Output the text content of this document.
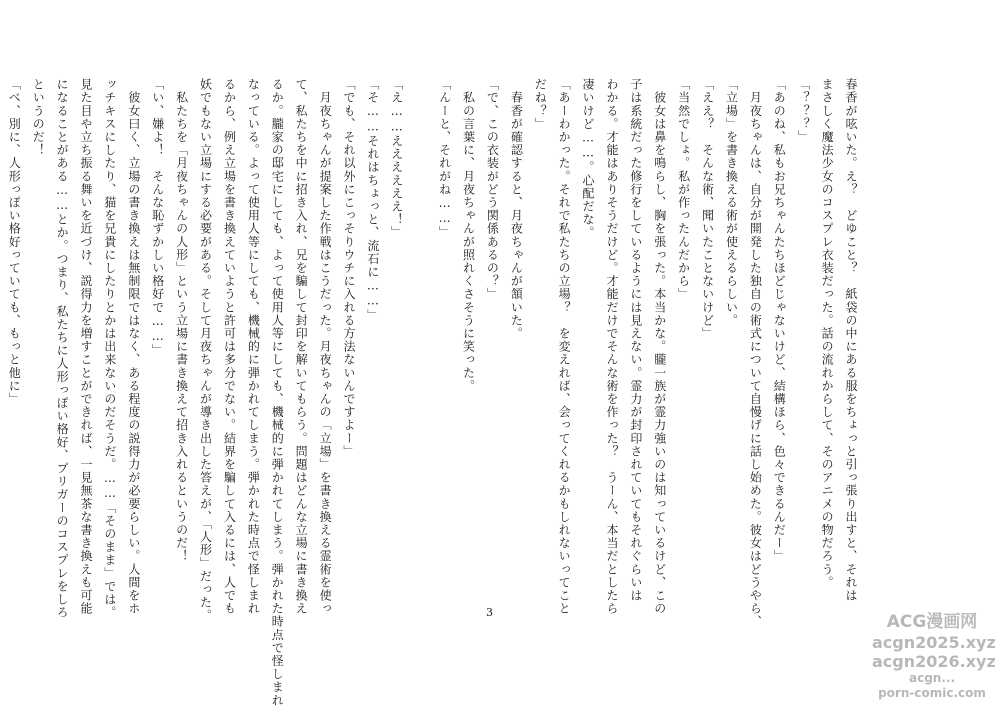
春香が呟いた。え？　どゆこと？　紙袋の中にある服をちょっと引っ張り出すと、それは
まさしく魔法少女のコスプレ衣装だった。話の流れからして、そのアニメの物だろう。
「？？？」
「あのね、私もお兄ちゃんたちほどじゃないけど、結構ほら、色々できるんだー」
　月夜ちゃんは、自分が開発した独自の術式について自慢げに話し始めた。彼女はどうやら、
「立場」を書き換える術が使えるらしい。
「ええ？　そんな術、聞いたことないけど」
「当然でしょ。私が作ったんだから」
　彼女は鼻を鳴らし、胸を張った。本当かな。朧一族が霊力強いのは知っているけど、この
子は系統だった修行をしているようには見えない。霊力が封印されていてもそれぐらいは
わかる。才能はありそうだけど。才能だけでそんな術を作った？　うーん、本当だとしたら
凄いけど……。心配だな。
「あーわかった。それで私たちの立場？　を変えれば、会ってくれるかもしれないってこと
だね？」
　春香が確認すると、月夜ちゃんが頷いた。
「で、この衣装がどう関係あるの？」
　私の言葉に、月夜ちゃんが照れくさそうに笑った。
「んーと、それがね……」

「え……ええええええ！」
「そ……それはちょっと、流石に……」
「でも、それ以外にこっそりウチに入れる方法ないんですよー」
　月夜ちゃんが提案した作戦はこうだった。月夜ちゃんの「立場」を書き換える霊術を使っ
て、私たちを中に招き入れ、兄を騙して封印を解いてもらう。問題はどんな立場に書き換え
るか。朧家の邸宅にしても、よって使用人等にしても、機械的に弾かれてしまう。弾かれた時点で怪しまれ
なっている。よって使用人等にしても、機械的に弾かれてしまう。弾かれた時点で怪しまれ
るから、例え立場を書き換えていようと許可は多分でない。結界を騙して入るには、人でも
妖でもない立場にする必要がある。そして月夜ちゃんが導き出した答えが、「人形」だった。
　私たちを「月夜ちゃんの人形」という立場に書き換えて招き入れるというのだ！
「い、嫌よ！　そんな恥ずかしい格好で……」
　彼女曰く、立場の書き換えは無制限ではなく、ある程度の説得力が必要らしい。人間をホ
ッチキスにしたり、猫を兄貴にしたりとかは出来ないのだそうだ。……「そのまま」では。
見た目や立ち振る舞いを近づけ、説得力を増すことができれば、一見無茶な書き換えも可能
になることがある……とか。つまり、私たちに人形っぽい格好、プリガーのコスプレをしろ
というのだ！
「べ、別に、人形っぽい格好っていても、もっと他に」
3	ACG漫画网
acgn2025.xyz
acgn2026.xyz
acgn...
porn-comic.com
